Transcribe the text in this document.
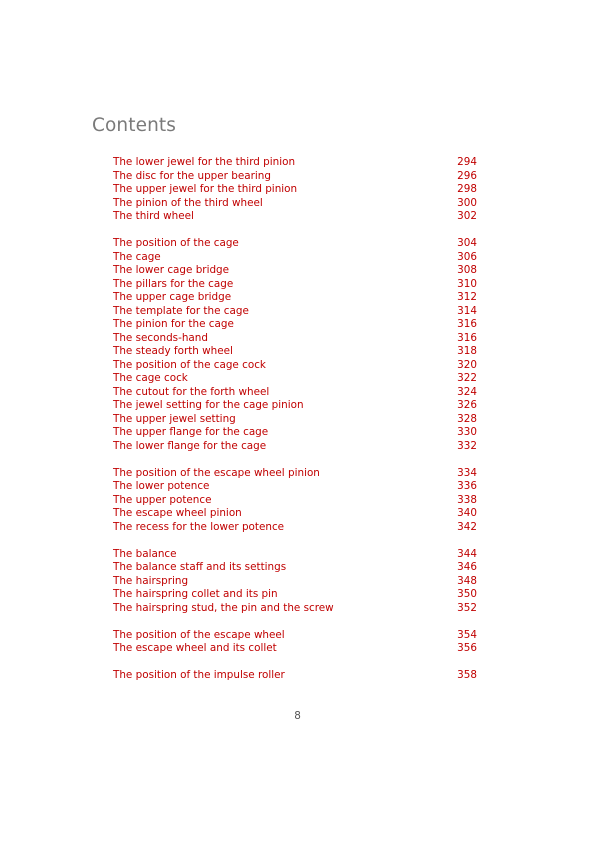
Contents
The lower jewel for the third pinion	294
The disc for the upper bearing	296
The upper jewel for the third pinion	298
The pinion of the third wheel	300
The third wheel	302
The position of the cage	304
The cage	306
The lower cage bridge	308
The pillars for the cage	310
The upper cage bridge	312
The template for the cage	314
The pinion for the cage	316
The seconds-hand	316
The steady forth wheel	318
The position of the cage cock	320
The cage cock	322
The cutout for the forth wheel	324
The jewel setting for the cage pinion	326
The upper jewel setting	328
The upper flange for the cage	330
The lower flange for the cage	332
The position of the escape wheel pinion	334
The lower potence	336
The upper potence	338
The escape wheel pinion	340
The recess for the lower potence	342
The balance	344
The balance staff and its settings	346
The hairspring	348
The hairspring collet and its pin	350
The hairspring stud, the pin and the screw	352
The position of the escape wheel	354
The escape wheel and its collet	356
The position of the impulse roller	358
8
